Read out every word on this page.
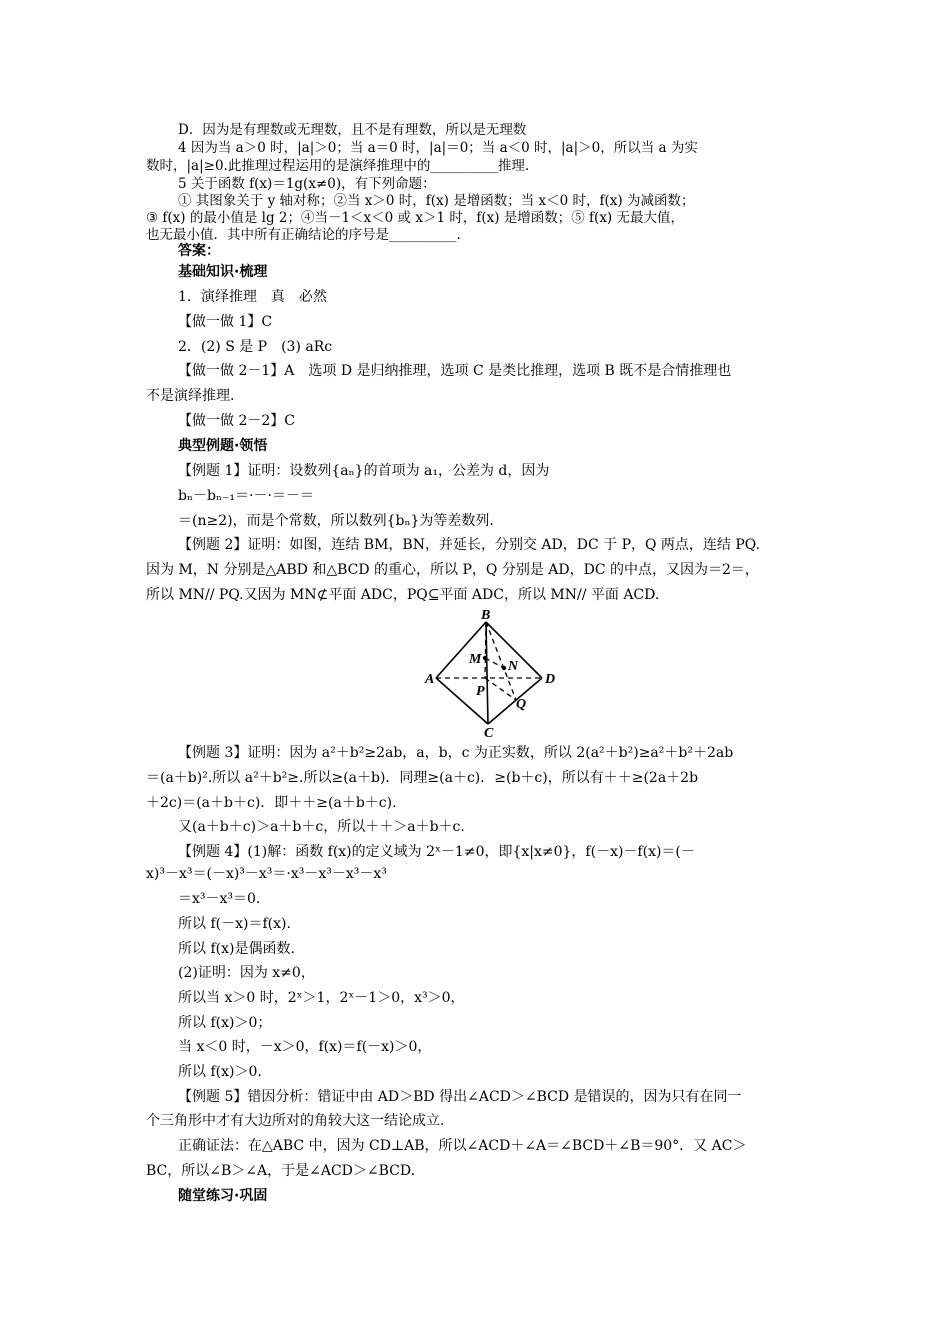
D．因为是有理数或无理数，且不是有理数，所以是无理数
4 因为当 a＞0 时，|a|＞0；当 a＝0 时，|a|＝0；当 a＜0 时，|a|＞0，所以当 a 为实
数时，|a|≥0.此推理过程运用的是演绎推理中的__________推理.
5 关于函数 f(x)＝1g(x≠0)，有下列命题：
① 其图象关于 y 轴对称；②当 x＞0 时，f(x) 是增函数；当 x＜0 时，f(x) 为减函数；
③ f(x) 的最小值是 lg 2；④当－1＜x＜0 或 x＞1 时，f(x) 是增函数；⑤ f(x) 无最大值，
也无最小值．其中所有正确结论的序号是__________.
答案：
基础知识·梳理
1．演绎推理　真　必然
【做一做 1】C
2．(2) S 是 P　(3) aRc
【做一做 2－1】A　选项 D 是归纳推理，选项 C 是类比推理，选项 B 既不是合情推理也
不是演绎推理.
【做一做 2－2】C
典型例题·领悟
【例题 1】证明：设数列{aₙ}的首项为 a₁，公差为 d，因为
bₙ－bₙ₋₁＝·－·＝－＝
＝(n≥2)，而是个常数，所以数列{bₙ}为等差数列.
【例题 2】证明：如图，连结 BM，BN，并延长，分别交 AD，DC 于 P，Q 两点，连结 PQ.
因为 M，N 分别是△ABD 和△BCD 的重心，所以 P，Q 分别是 AD，DC 的中点，又因为＝2＝，
所以 MN// PQ.又因为 MN⊄平面 ADC，PQ⊆平面 ADC，所以 MN// 平面 ACD.
B
M N
A
P
D
Q
C
【例题 3】证明：因为 a²＋b²≥2ab，a，b，c 为正实数，所以 2(a²＋b²)≥a²＋b²＋2ab
＝(a＋b)².所以 a²＋b²≥.所以≥(a＋b)．同理≥(a＋c)．≥(b＋c)，所以有＋＋≥(2a＋2b
＋2c)＝(a＋b＋c)．即＋＋≥(a＋b＋c).
又(a＋b＋c)＞a＋b＋c，所以＋＋＞a＋b＋c.
【例题 4】(1)解：函数 f(x)的定义域为 2ˣ－1≠0，即{x|x≠0}，f(－x)－f(x)＝(－
x)³－x³＝(－x)³－x³＝·x³－x³－x³－x³
＝x³－x³＝0.
所以 f(－x)＝f(x).
所以 f(x)是偶函数.
(2)证明：因为 x≠0，
所以当 x＞0 时，2ˣ＞1，2ˣ－1＞0，x³＞0，
所以 f(x)＞0；
当 x＜0 时，－x＞0，f(x)＝f(－x)＞0，
所以 f(x)＞0.
【例题 5】错因分析：错证中由 AD＞BD 得出∠ACD＞∠BCD 是错误的，因为只有在同一
个三角形中才有大边所对的角较大这一结论成立.
正确证法：在△ABC 中，因为 CD⊥AB，所以∠ACD＋∠A＝∠BCD＋∠B＝90°．又 AC＞
BC，所以∠B＞∠A，于是∠ACD＞∠BCD.
随堂练习·巩固
